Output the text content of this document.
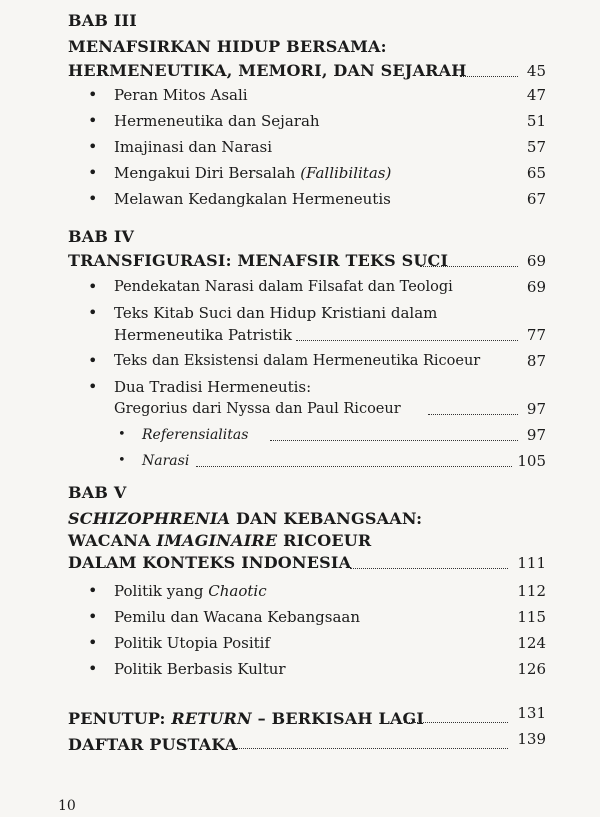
BAB III
MENAFSIRKAN HIDUP BERSAMA:
HERMENEUTIKA, MEMORI, DAN SEJARAH	45
• Peran Mitos Asali	47
• Hermeneutika dan Sejarah	51
• Imajinasi dan Narasi	57
• Mengakui Diri Bersalah (Fallibilitas)	65
• Melawan Kedangkalan Hermeneutis	67
BAB IV
TRANSFIGURASI: MENAFSIR TEKS SUCI	69
• Pendekatan Narasi dalam Filsafat dan Teologi	69
• Teks Kitab Suci dan Hidup Kristiani dalam
Hermeneutika Patristik	77
• Teks dan Eksistensi dalam Hermeneutika Ricoeur	87
• Dua Tradisi Hermeneutis:
Gregorius dari Nyssa dan Paul Ricoeur	97
• Referensialitas	97
• Narasi	105
BAB V
SCHIZOPHRENIA DAN KEBANGSAAN:
WACANA IMAGINAIRE RICOEUR
DALAM KONTEKS INDONESIA	111
• Politik yang Chaotic	112
• Pemilu dan Wacana Kebangsaan	115
• Politik Utopia Positif	124
• Politik Berbasis Kultur	126
PENUTUP: RETURN – BERKISAH LAGI	131
DAFTAR PUSTAKA	139
10
